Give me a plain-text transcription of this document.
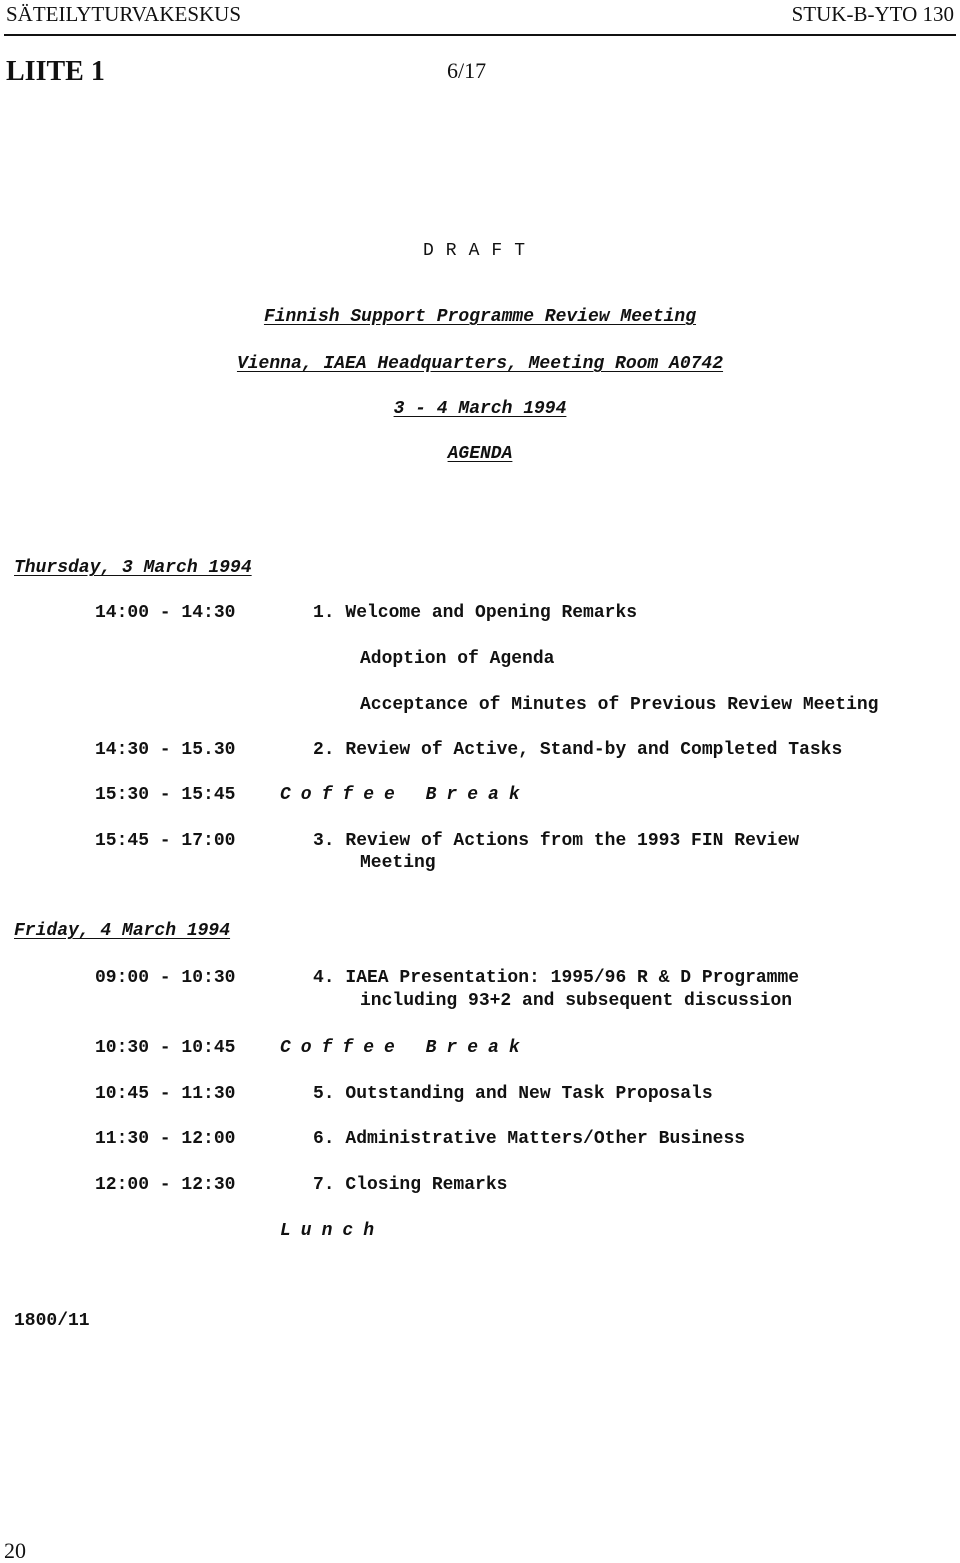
SÄTEILYTURVAKESKUS	STUK-B-YTO 130
LIITE 1	6/17
DRAFT
Finnish Support Programme Review Meeting
Vienna, IAEA Headquarters, Meeting Room A0742
3 - 4 March 1994
AGENDA
Thursday, 3 March 1994
14:00 - 14:30	1. Welcome and Opening Remarks
Adoption of Agenda
Acceptance of Minutes of Previous Review Meeting
14:30 - 15.30	2. Review of Active, Stand-by and Completed Tasks
15:30 - 15:45 Coffee Break
15:45 - 17:00	3. Review of Actions from the 1993 FIN Review
Meeting
Friday, 4 March 1994
09:00 - 10:30	4. IAEA Presentation: 1995/96 R & D Programme
including 93+2 and subsequent discussion
10:30 - 10:45 Coffee Break
10:45 - 11:30	5. Outstanding and New Task Proposals
11:30 - 12:00	6. Administrative Matters/Other Business
12:00 - 12:30	7. Closing Remarks
Lunch
1800/11
20
